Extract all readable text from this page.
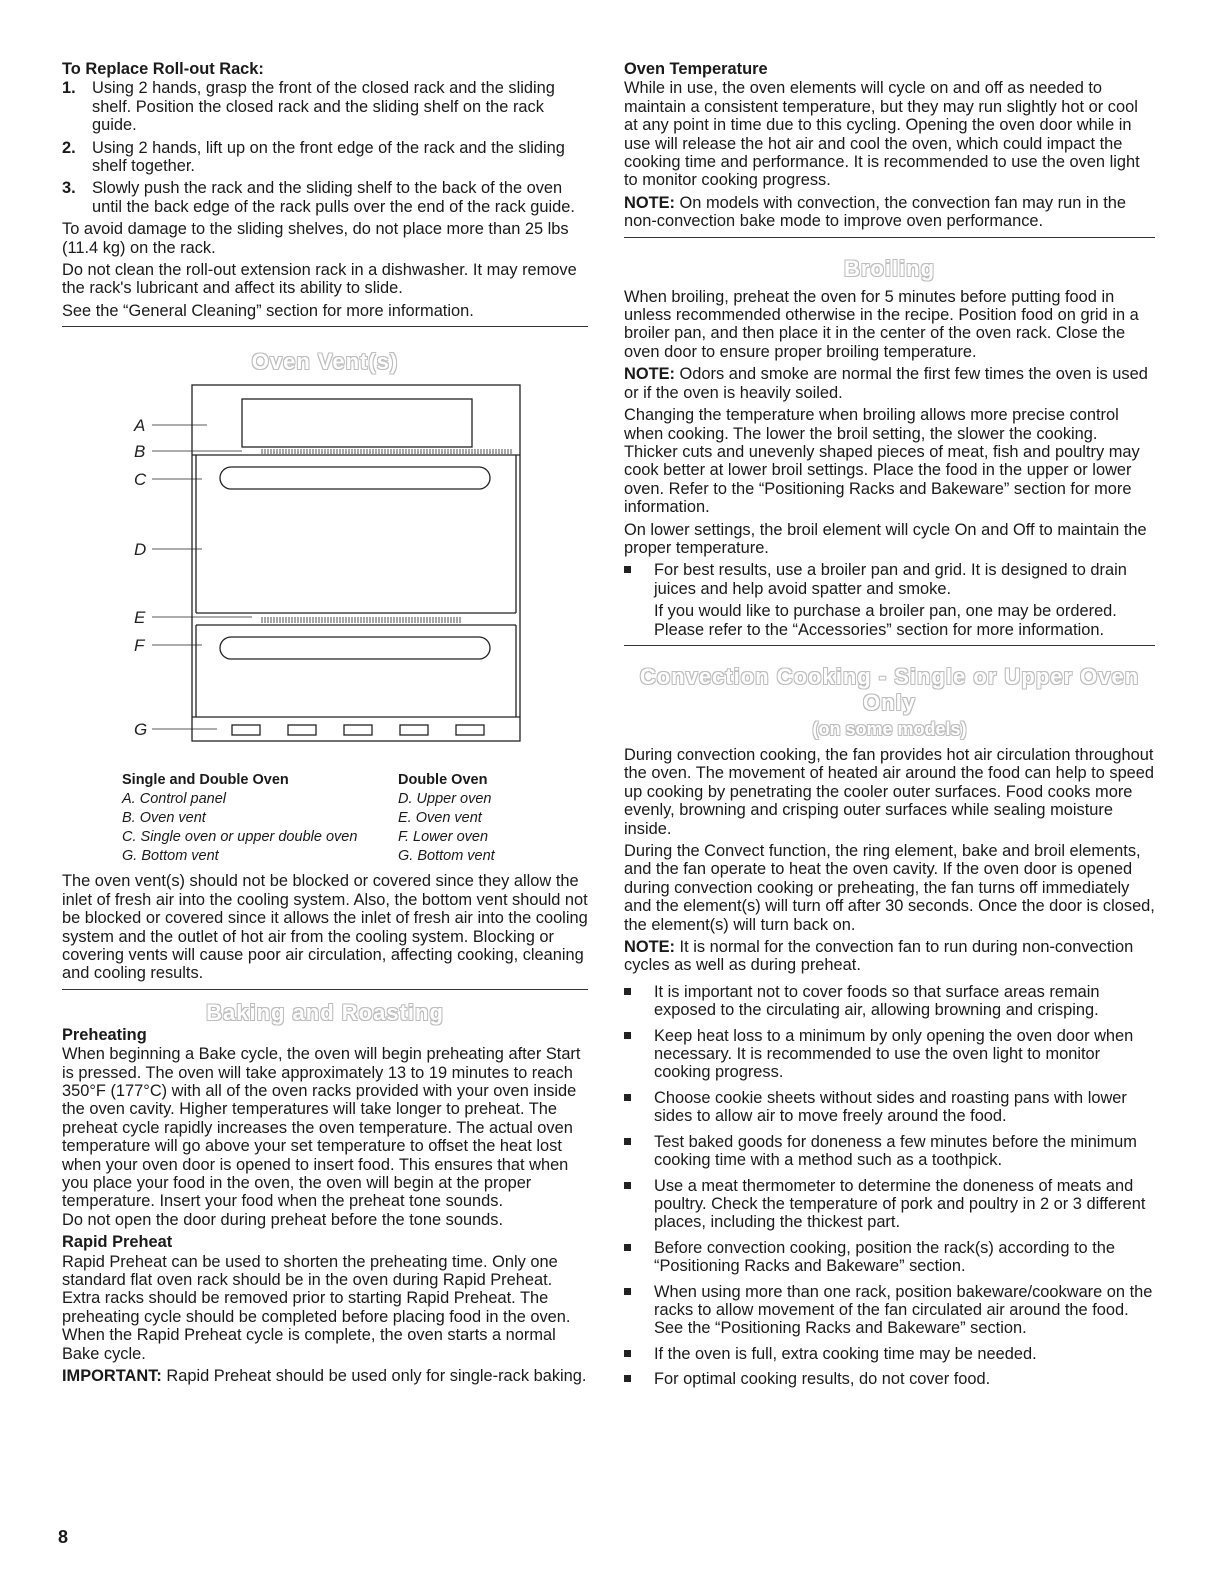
To Replace Roll-out Rack:

1. Using 2 hands, grasp the front of the closed rack and the sliding shelf. Position the closed rack and the sliding shelf on the rack guide.
2. Using 2 hands, lift up on the front edge of the rack and the sliding shelf together.
3. Slowly push the rack and the sliding shelf to the back of the oven until the back edge of the rack pulls over the end of the rack guide.

To avoid damage to the sliding shelves, do not place more than 25 lbs (11.4 kg) on the rack.

Do not clean the roll-out extension rack in a dishwasher. It may remove the rack's lubricant and affect its ability to slide.

See the “General Cleaning” section for more information.

Oven Vent(s)
A
B
C
D
E
F
G
Single and Double Oven
A. Control panel
B. Oven vent
C. Single oven or upper double oven
G. Bottom vent
Double Oven
D. Upper oven
E. Oven vent
F. Lower oven
G. Bottom vent

The oven vent(s) should not be blocked or covered since they allow the inlet of fresh air into the cooling system. Also, the bottom vent should not be blocked or covered since it allows the inlet of fresh air into the cooling system and the outlet of hot air from the cooling system. Blocking or covering vents will cause poor air circulation, affecting cooking, cleaning and cooling results.

Baking and Roasting

Preheating

When beginning a Bake cycle, the oven will begin preheating after Start is pressed. The oven will take approximately 13 to 19 minutes to reach 350°F (177°C) with all of the oven racks provided with your oven inside the oven cavity. Higher temperatures will take longer to preheat. The preheat cycle rapidly increases the oven temperature. The actual oven temperature will go above your set temperature to offset the heat lost when your oven door is opened to insert food. This ensures that when you place your food in the oven, the oven will begin at the proper temperature. Insert your food when the preheat tone sounds.

Do not open the door during preheat before the tone sounds.

Rapid Preheat

Rapid Preheat can be used to shorten the preheating time. Only one standard flat oven rack should be in the oven during Rapid Preheat. Extra racks should be removed prior to starting Rapid Preheat. The preheating cycle should be completed before placing food in the oven. When the Rapid Preheat cycle is complete, the oven starts a normal Bake cycle.

IMPORTANT: Rapid Preheat should be used only for single-rack baking.

Oven Temperature

While in use, the oven elements will cycle on and off as needed to maintain a consistent temperature, but they may run slightly hot or cool at any point in time due to this cycling. Opening the oven door while in use will release the hot air and cool the oven, which could impact the cooking time and performance. It is recommended to use the oven light to monitor cooking progress.

NOTE: On models with convection, the convection fan may run in the non-convection bake mode to improve oven performance.

Broiling

When broiling, preheat the oven for 5 minutes before putting food in unless recommended otherwise in the recipe. Position food on grid in a broiler pan, and then place it in the center of the oven rack. Close the oven door to ensure proper broiling temperature.

NOTE: Odors and smoke are normal the first few times the oven is used or if the oven is heavily soiled.

Changing the temperature when broiling allows more precise control when cooking. The lower the broil setting, the slower the cooking. Thicker cuts and unevenly shaped pieces of meat, fish and poultry may cook better at lower broil settings. Place the food in the upper or lower oven. Refer to the “Positioning Racks and Bakeware” section for more information.

On lower settings, the broil element will cycle On and Off to maintain the proper temperature.

For best results, use a broiler pan and grid. It is designed to drain juices and help avoid spatter and smoke.

If you would like to purchase a broiler pan, one may be ordered. Please refer to the “Accessories” section for more information.

Convection Cooking - Single or Upper Oven Only
(on some models)

During convection cooking, the fan provides hot air circulation throughout the oven. The movement of heated air around the food can help to speed up cooking by penetrating the cooler outer surfaces. Food cooks more evenly, browning and crisping outer surfaces while sealing moisture inside.

During the Convect function, the ring element, bake and broil elements, and the fan operate to heat the oven cavity. If the oven door is opened during convection cooking or preheating, the fan turns off immediately and the element(s) will turn off after 30 seconds. Once the door is closed, the element(s) will turn back on.

NOTE: It is normal for the convection fan to run during non-convection cycles as well as during preheat.

It is important not to cover foods so that surface areas remain exposed to the circulating air, allowing browning and crisping.
Keep heat loss to a minimum by only opening the oven door when necessary. It is recommended to use the oven light to monitor cooking progress.
Choose cookie sheets without sides and roasting pans with lower sides to allow air to move freely around the food.
Test baked goods for doneness a few minutes before the minimum cooking time with a method such as a toothpick.
Use a meat thermometer to determine the doneness of meats and poultry. Check the temperature of pork and poultry in 2 or 3 different places, including the thickest part.
Before convection cooking, position the rack(s) according to the “Positioning Racks and Bakeware” section.
When using more than one rack, position bakeware/cookware on the racks to allow movement of the fan circulated air around the food. See the “Positioning Racks and Bakeware” section.
If the oven is full, extra cooking time may be needed.
For optimal cooking results, do not cover food.
8
